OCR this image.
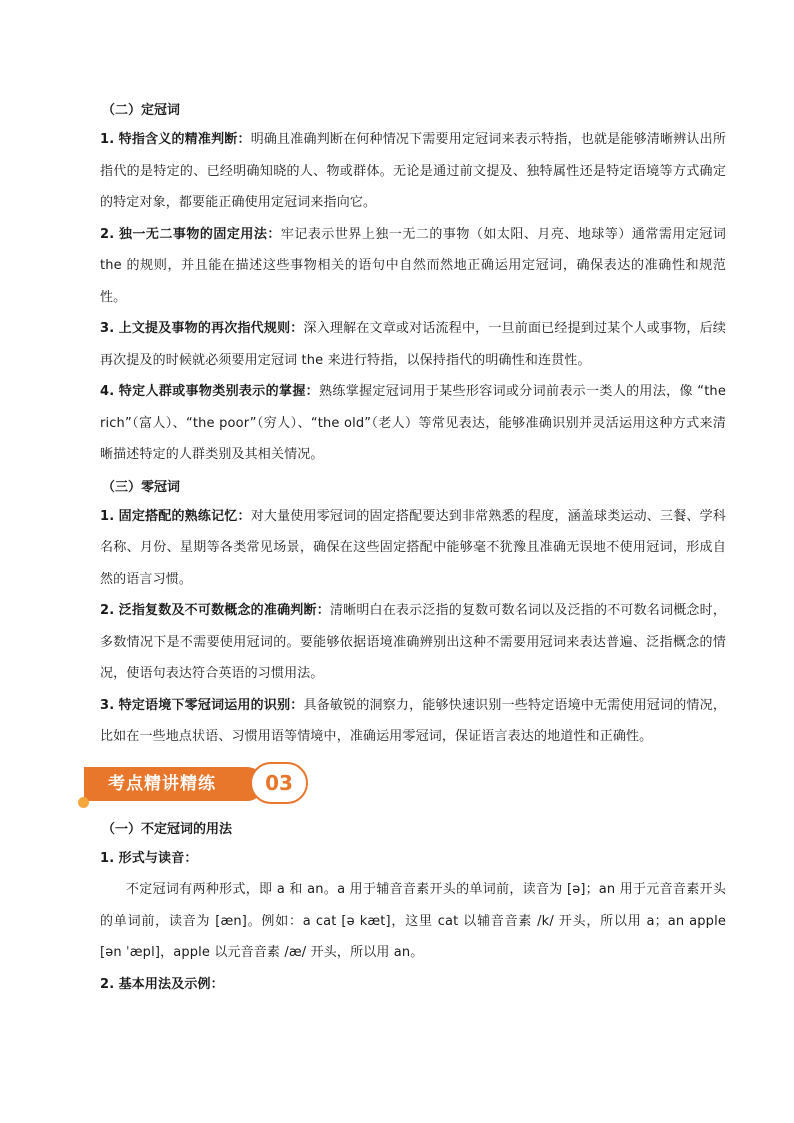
（二）定冠词

1. 特指含义的精准判断：明确且准确判断在何种情况下需要用定冠词来表示特指，也就是能够清晰辨认出所指代的是特定的、已经明确知晓的人、物或群体。无论是通过前文提及、独特属性还是特定语境等方式确定的特定对象，都要能正确使用定冠词来指向它。

2. 独一无二事物的固定用法：牢记表示世界上独一无二的事物（如太阳、月亮、地球等）通常需用定冠词 the 的规则，并且能在描述这些事物相关的语句中自然而然地正确运用定冠词，确保表达的准确性和规范性。

3. 上文提及事物的再次指代规则：深入理解在文章或对话流程中，一旦前面已经提到过某个人或事物，后续再次提及的时候就必须要用定冠词 the 来进行特指，以保持指代的明确性和连贯性。

4. 特定人群或事物类别表示的掌握：熟练掌握定冠词用于某些形容词或分词前表示一类人的用法，像 “the rich”（富人）、“the poor”（穷人）、“the old”（老人）等常见表达，能够准确识别并灵活运用这种方式来清晰描述特定的人群类别及其相关情况。

（三）零冠词

1. 固定搭配的熟练记忆：对大量使用零冠词的固定搭配要达到非常熟悉的程度，涵盖球类运动、三餐、学科名称、月份、星期等各类常见场景，确保在这些固定搭配中能够毫不犹豫且准确无误地不使用冠词，形成自然的语言习惯。

2. 泛指复数及不可数概念的准确判断：清晰明白在表示泛指的复数可数名词以及泛指的不可数名词概念时，多数情况下是不需要使用冠词的。要能够依据语境准确辨别出这种不需要用冠词来表达普遍、泛指概念的情况，使语句表达符合英语的习惯用法。

3. 特定语境下零冠词运用的识别：具备敏锐的洞察力，能够快速识别一些特定语境中无需使用冠词的情况，比如在一些地点状语、习惯用语等情境中，准确运用零冠词，保证语言表达的地道性和正确性。

考点精讲精练	03

（一）不定冠词的用法

1. 形式与读音：

不定冠词有两种形式，即 a 和 an。a 用于辅音音素开头的单词前，读音为 [ə]；an 用于元音音素开头的单词前，读音为 [æn]。例如：a cat [ə kæt]，这里 cat 以辅音音素 /k/ 开头，所以用 a；an apple [ən ˈæpl]，apple 以元音音素 /æ/ 开头，所以用 an。

2. 基本用法及示例：
